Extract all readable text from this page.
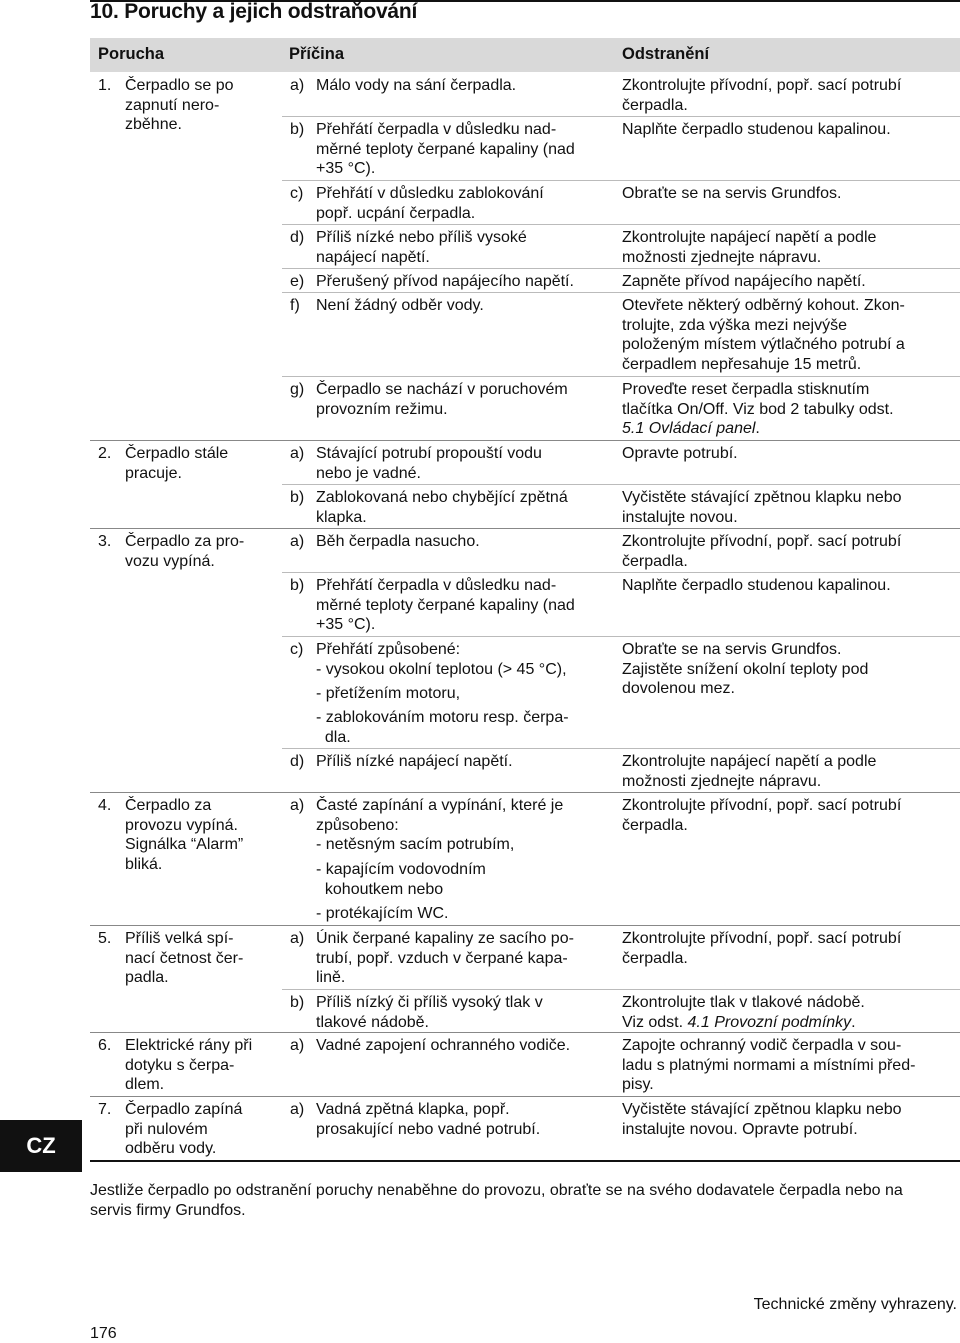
10. Poruchy a jejich odstraňování
Porucha	Příčina	Odstranění
1. Čerpadlo se po
zapnutí nero-
zběhne.
2. Čerpadlo stále
pracuje.
3. Čerpadlo za pro-
vozu vypíná.
4. Čerpadlo za
provozu vypíná.
Signálka “Alarm”
bliká.
5. Příliš velká spí-
nací četnost čer-
padla.
6. Elektrické rány při
dotyku s čerpa-
dlem.
7. Čerpadlo zapíná
při nulovém
odběru vody.
a) Málo vody na sání čerpadla.
b) Přehřátí čerpadla v důsledku nad-
měrné teploty čerpané kapaliny (nad
+35 °C).
c) Přehřátí v důsledku zablokování
popř. ucpání čerpadla.
d) Příliš nízké nebo příliš vysoké
napájecí napětí.
e) Přerušený přívod napájecího napětí.
f) Není žádný odběr vody.
g) Čerpadlo se nachází v poruchovém
provozním režimu.
a) Stávající potrubí propouští vodu
nebo je vadné.
b) Zablokovaná nebo chybějící zpětná
klapka.
a) Běh čerpadla nasucho.
b) Přehřátí čerpadla v důsledku nad-
měrné teploty čerpané kapaliny (nad
+35 °C).
c) Přehřátí způsobené:
- vysokou okolní teplotou (> 45 °C),
- přetížením motoru,
- zablokováním motoru resp. čerpa-
dla.
d) Příliš nízké napájecí napětí.
a) Časté zapínání a vypínání, které je
způsobeno:
- netěsným sacím potrubím,
- kapajícím vodovodním
kohoutkem nebo
- protékajícím WC.
a) Únik čerpané kapaliny ze sacího po-
trubí, popř. vzduch v čerpané kapa-
lině.
b) Příliš nízký či příliš vysoký tlak v
tlakové nádobě.
a) Vadné zapojení ochranného vodiče.
a) Vadná zpětná klapka, popř.
prosakující nebo vadné potrubí.
Zkontrolujte přívodní, popř. sací potrubí
čerpadla.
Naplňte čerpadlo studenou kapalinou.
Obraťte se na servis Grundfos.
Zkontrolujte napájecí napětí a podle
možnosti zjednejte nápravu.
Zapněte přívod napájecího napětí.
Otevřete některý odběrný kohout. Zkon-
trolujte, zda výška mezi nejvýše
položeným místem výtlačného potrubí a
čerpadlem nepřesahuje 15 metrů.
Proveďte reset čerpadla stisknutím
tlačítka On/Off. Viz bod 2 tabulky odst.
5.1 Ovládací panel.
Opravte potrubí.
Vyčistěte stávající zpětnou klapku nebo
instalujte novou.
Zkontrolujte přívodní, popř. sací potrubí
čerpadla.
Naplňte čerpadlo studenou kapalinou.
Obraťte se na servis Grundfos.
Zajistěte snížení okolní teploty pod
dovolenou mez.
Zkontrolujte napájecí napětí a podle
možnosti zjednejte nápravu.
Zkontrolujte přívodní, popř. sací potrubí
čerpadla.
Zkontrolujte přívodní, popř. sací potrubí
čerpadla.
Zkontrolujte tlak v tlakové nádobě.
Viz odst. 4.1 Provozní podmínky.
Zapojte ochranný vodič čerpadla v sou-
ladu s platnými normami a místními před-
pisy.
Vyčistěte stávající zpětnou klapku nebo
instalujte novou. Opravte potrubí.
CZ
Jestliže čerpadlo po odstranění poruchy nenaběhne do provozu, obraťte se na svého dodavatele čerpadla nebo na servis firmy Grundfos.
Technické změny vyhrazeny.
176
